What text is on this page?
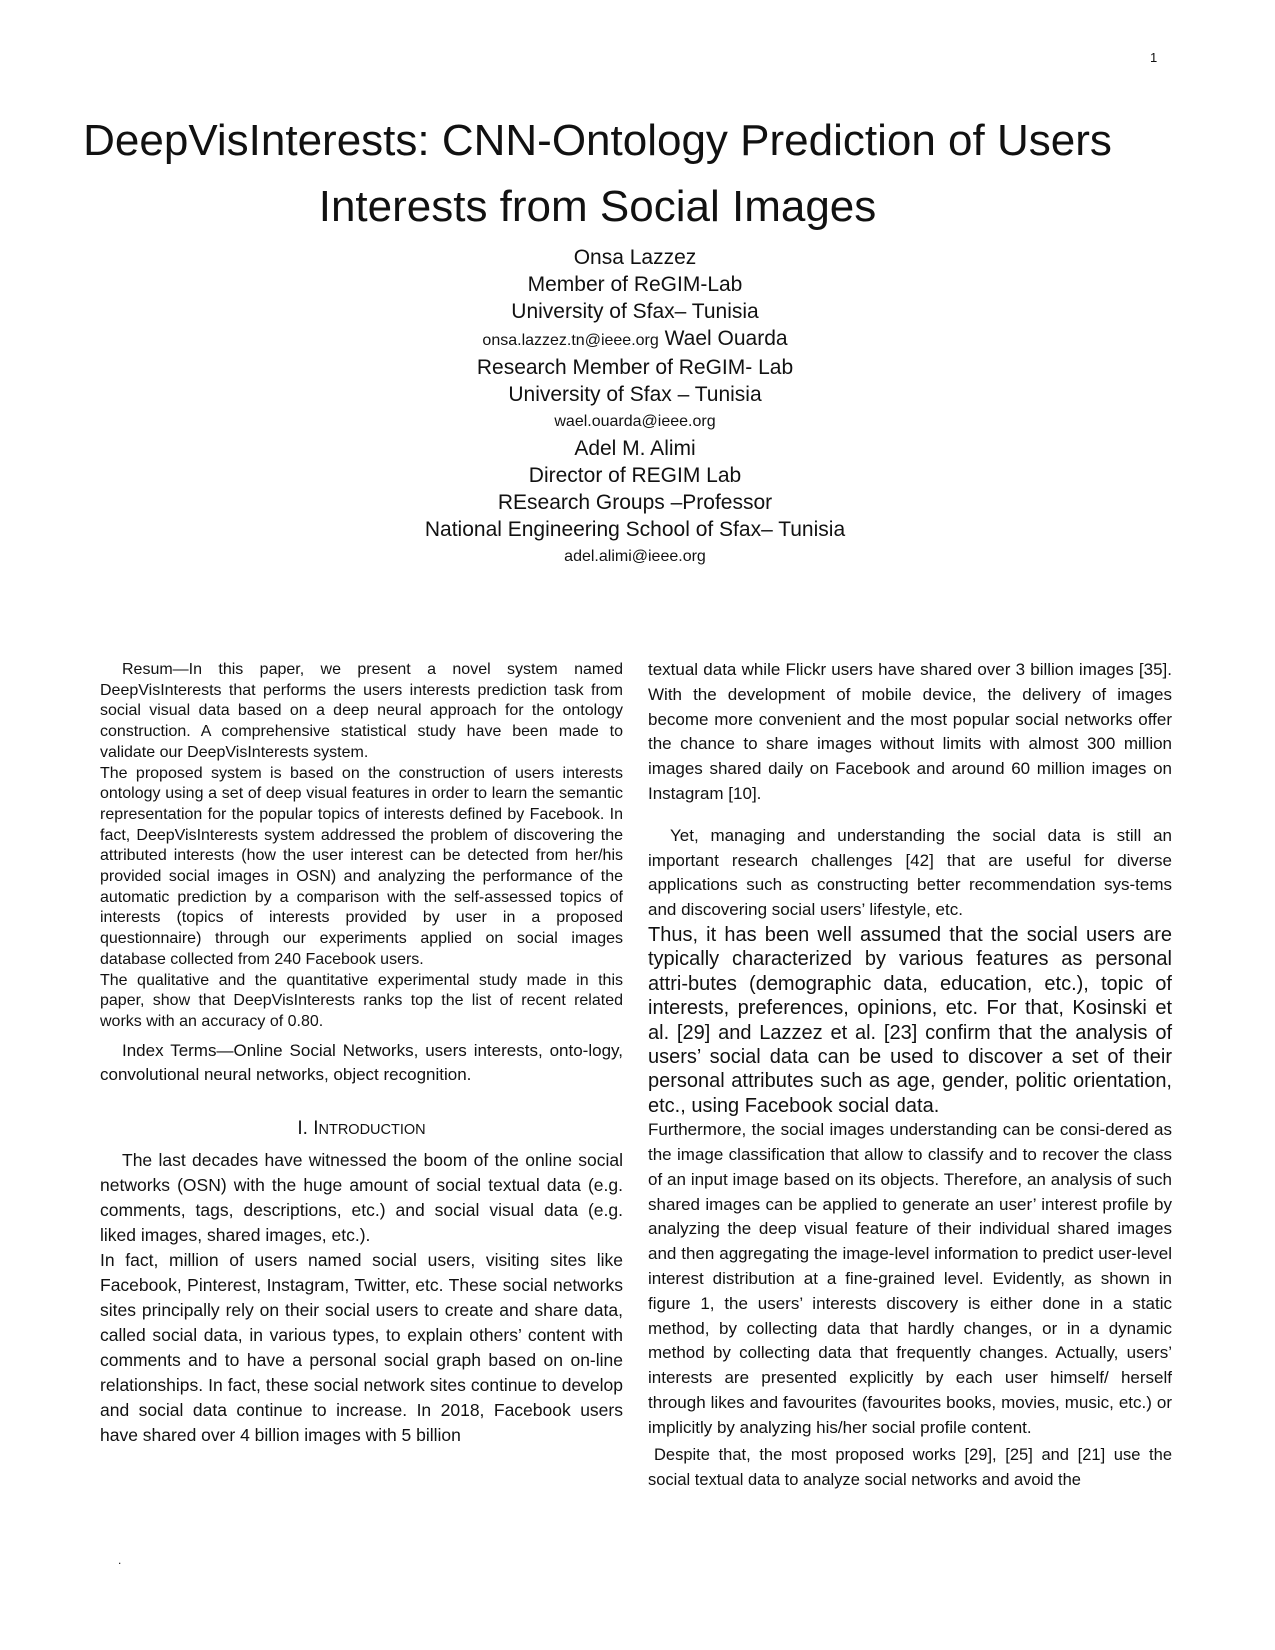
1
DeepVisInterests: CNN-Ontology Prediction of Users Interests from Social Images
Onsa Lazzez
Member of ReGIM-Lab
University of Sfax– Tunisia
onsa.lazzez.tn@ieee.org Wael Ouarda
Research Member of ReGIM- Lab
University of Sfax – Tunisia
wael.ouarda@ieee.org
Adel M. Alimi
Director of REGIM Lab
REsearch Groups –Professor
National Engineering School of Sfax– Tunisia
adel.alimi@ieee.org

Resum—In this paper, we present a novel system named DeepVisInterests that performs the users interests prediction task from social visual data based on a deep neural approach for the ontology construction. A comprehensive statistical study have been made to validate our DeepVisInterests system.

The proposed system is based on the construction of users interests ontology using a set of deep visual features in order to learn the semantic representation for the popular topics of interests defined by Facebook. In fact, DeepVisInterests system addressed the problem of discovering the attributed interests (how the user interest can be detected from her/his provided social images in OSN) and analyzing the performance of the automatic prediction by a comparison with the self-assessed topics of interests (topics of interests provided by user in a proposed questionnaire) through our experiments applied on social images database collected from 240 Facebook users.

The qualitative and the quantitative experimental study made in this paper, show that DeepVisInterests ranks top the list of recent related works with an accuracy of 0.80.

Index Terms—Online Social Networks, users interests, onto-logy, convolutional neural networks, object recognition.

I. INTRODUCTION

The last decades have witnessed the boom of the online social networks (OSN) with the huge amount of social textual data (e.g. comments, tags, descriptions, etc.) and social visual data (e.g. liked images, shared images, etc.).

In fact, million of users named social users, visiting sites like Facebook, Pinterest, Instagram, Twitter, etc. These social networks sites principally rely on their social users to create and share data, called social data, in various types, to explain others’ content with comments and to have a personal social graph based on on-line relationships. In fact, these social network sites continue to develop and social data continue to increase. In 2018, Facebook users have shared over 4 billion images with 5 billion

textual data while Flickr users have shared over 3 billion images [35]. With the development of mobile device, the delivery of images become more convenient and the most popular social networks offer the chance to share images without limits with almost 300 million images shared daily on Facebook and around 60 million images on Instagram [10].

Yet, managing and understanding the social data is still an important research challenges [42] that are useful for diverse applications such as constructing better recommendation sys-tems and discovering social users’ lifestyle, etc.

Thus, it has been well assumed that the social users are typically characterized by various features as personal attri-butes (demographic data, education, etc.), topic of interests, preferences, opinions, etc. For that, Kosinski et al. [29] and Lazzez et al. [23] confirm that the analysis of users’ social data can be used to discover a set of their personal attributes such as age, gender, politic orientation, etc., using Facebook social data.

Furthermore, the social images understanding can be consi-dered as the image classification that allow to classify and to recover the class of an input image based on its objects. Therefore, an analysis of such shared images can be applied to generate an user’ interest profile by analyzing the deep visual feature of their individual shared images and then aggregating the image-level information to predict user-level interest distribution at a fine-grained level. Evidently, as shown in figure 1, the users’ interests discovery is either done in a static method, by collecting data that hardly changes, or in a dynamic method by collecting data that frequently changes. Actually, users’ interests are presented explicitly by each user himself/ herself through likes and favourites (favourites books, movies, music, etc.) or implicitly by analyzing his/her social profile content.

Despite that, the most proposed works [29], [25] and [21] use the social textual data to analyze social networks and avoid the

.
